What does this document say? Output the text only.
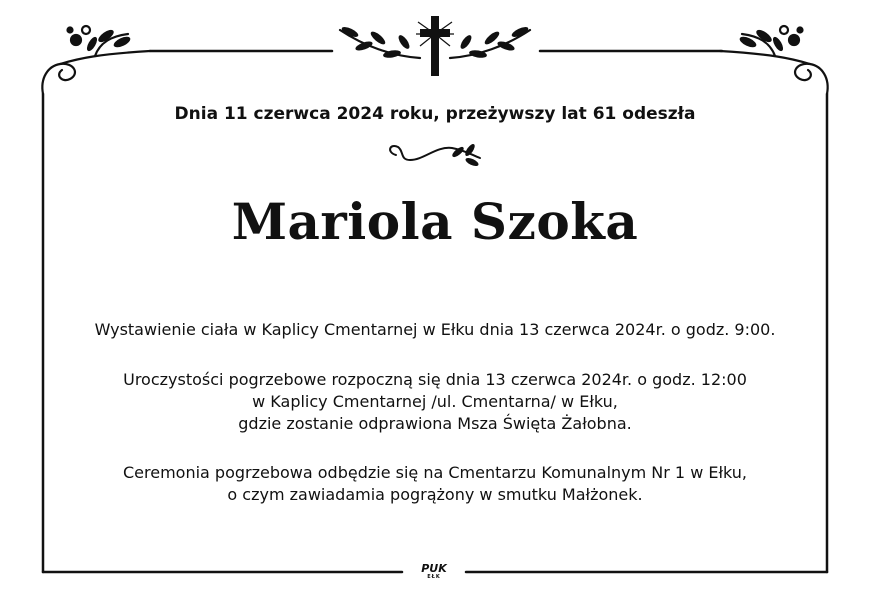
Dnia 11 czerwca 2024 roku, przeżywszy lat 61 odeszła
Mariola Szoka
Wystawienie ciała w Kaplicy Cmentarnej w Ełku dnia 13 czerwca 2024r. o godz. 9:00.
Uroczystości pogrzebowe rozpoczną się dnia 13 czerwca 2024r. o godz. 12:00
w Kaplicy Cmentarnej /ul. Cmentarna/ w Ełku,
gdzie zostanie odprawiona Msza Święta Żałobna.
Ceremonia pogrzebowa odbędzie się na Cmentarzu Komunalnym Nr 1 w Ełku,
o czym zawiadamia pogrążony w smutku Małżonek.
PUK
EŁK
